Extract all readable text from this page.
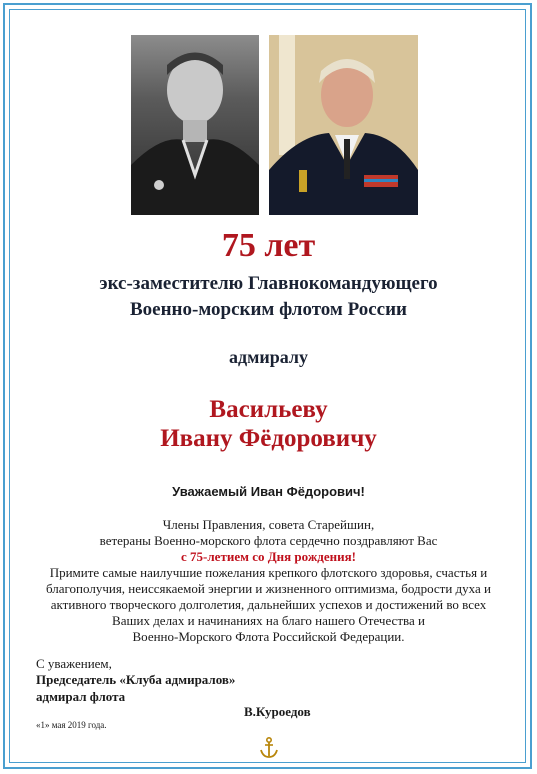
75 лет
экс-заместителю Главнокомандующего
Военно-морским флотом России
адмиралу
Васильеву
Ивану Фёдоровичу
Уважаемый Иван Фёдорович!
Члены Правления, совета Старейшин,
ветераны Военно-морского флота сердечно поздравляют Вас
с 75-летием со Дня рождения!
Примите самые наилучшие пожелания крепкого флотского здоровья, счастья и
благополучия, неиссякаемой энергии и жизненного оптимизма, бодрости духа и
активного творческого долголетия, дальнейших успехов и достижений во всех
Ваших делах и начинаниях на благо нашего Отечества и
Военно-Морского Флота Российской Федерации.
С уважением,
Председатель «Клуба адмиралов»
адмирал флота
В.Куроедов
«1» мая 2019 года.
